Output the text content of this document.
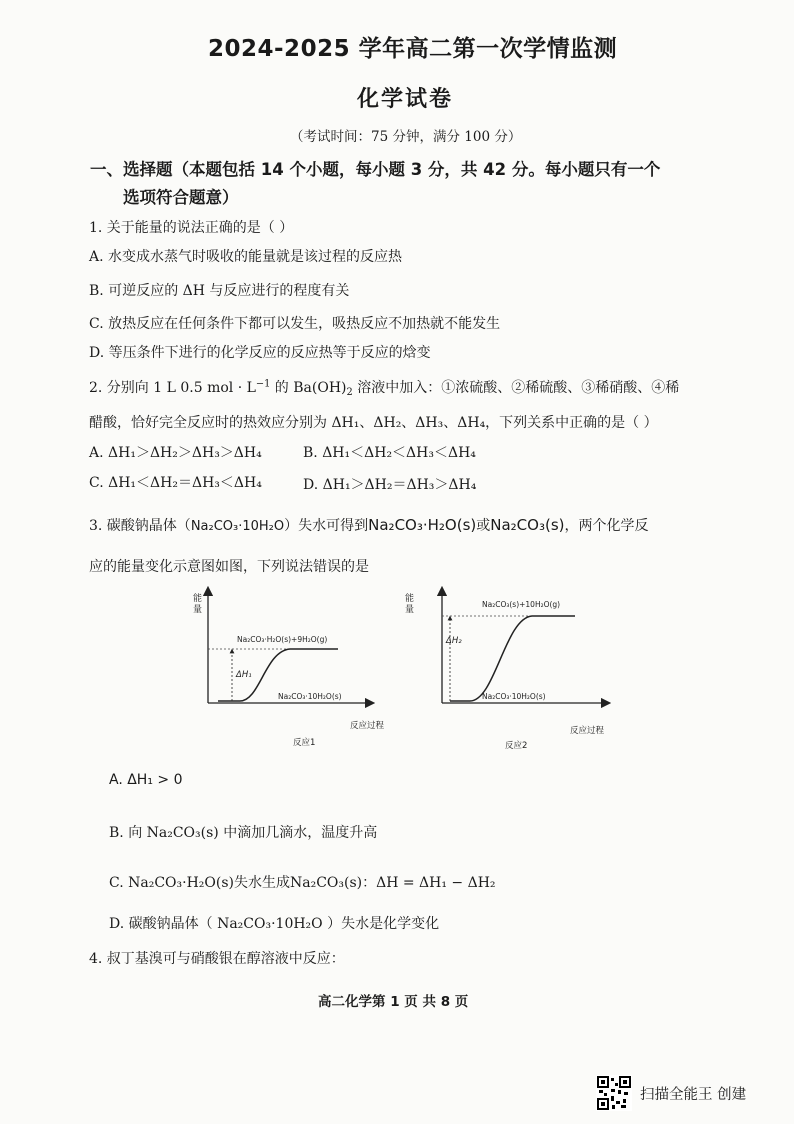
2024-2025 学年高二第一次学情监测
化学试卷
（考试时间：75 分钟，满分 100 分）
一、选择题（本题包括 14 个小题，每小题 3 分，共 42 分。每小题只有一个
选项符合题意）
1. 关于能量的说法正确的是（ ）
A. 水变成水蒸气时吸收的能量就是该过程的反应热
B. 可逆反应的 ΔH 与反应进行的程度有关
C. 放热反应在任何条件下都可以发生，吸热反应不加热就不能发生
D. 等压条件下进行的化学反应的反应热等于反应的焓变
2. 分别向 1 L 0.5 mol · $L^{-1}$ 的 $Ba(OH)_2$ 溶液中加入：①浓硫酸、②稀硫酸、③稀硝酸、④稀
醋酸，恰好完全反应时的热效应分别为 ΔH₁、ΔH₂、ΔH₃、ΔH₄，下列关系中正确的是（ ）
A. ΔH₁＞ΔH₂＞ΔH₃＞ΔH₄	B. ΔH₁＜ΔH₂＜ΔH₃＜ΔH₄
C. ΔH₁＜ΔH₂＝ΔH₃＜ΔH₄	D. ΔH₁＞ΔH₂＝ΔH₃＞ΔH₄
3. 碳酸钠晶体（Na₂CO₃·10H₂O）失水可得到Na₂CO₃·H₂O(s)或Na₂CO₃(s)，两个化学反
应的能量变化示意图如图，下列说法错误的是
能
量
反应过程
ΔH₁
Na₂CO₃·H₂O(s)+9H₂O(g)
Na₂CO₃·10H₂O(s)
反应1
能
量
反应过程
ΔH₂
Na₂CO₃(s)+10H₂O(g)
Na₂CO₃·10H₂O(s)
反应2
A. ΔH₁ > 0
B. 向 Na₂CO₃(s) 中滴加几滴水，温度升高
C. Na₂CO₃·H₂O(s)失水生成Na₂CO₃(s)：ΔH = ΔH₁ − ΔH₂
D. 碳酸钠晶体（ Na₂CO₃·10H₂O ）失水是化学变化
4. 叔丁基溴可与硝酸银在醇溶液中反应：
高二化学第 1 页 共 8 页
扫描全能王 创建
